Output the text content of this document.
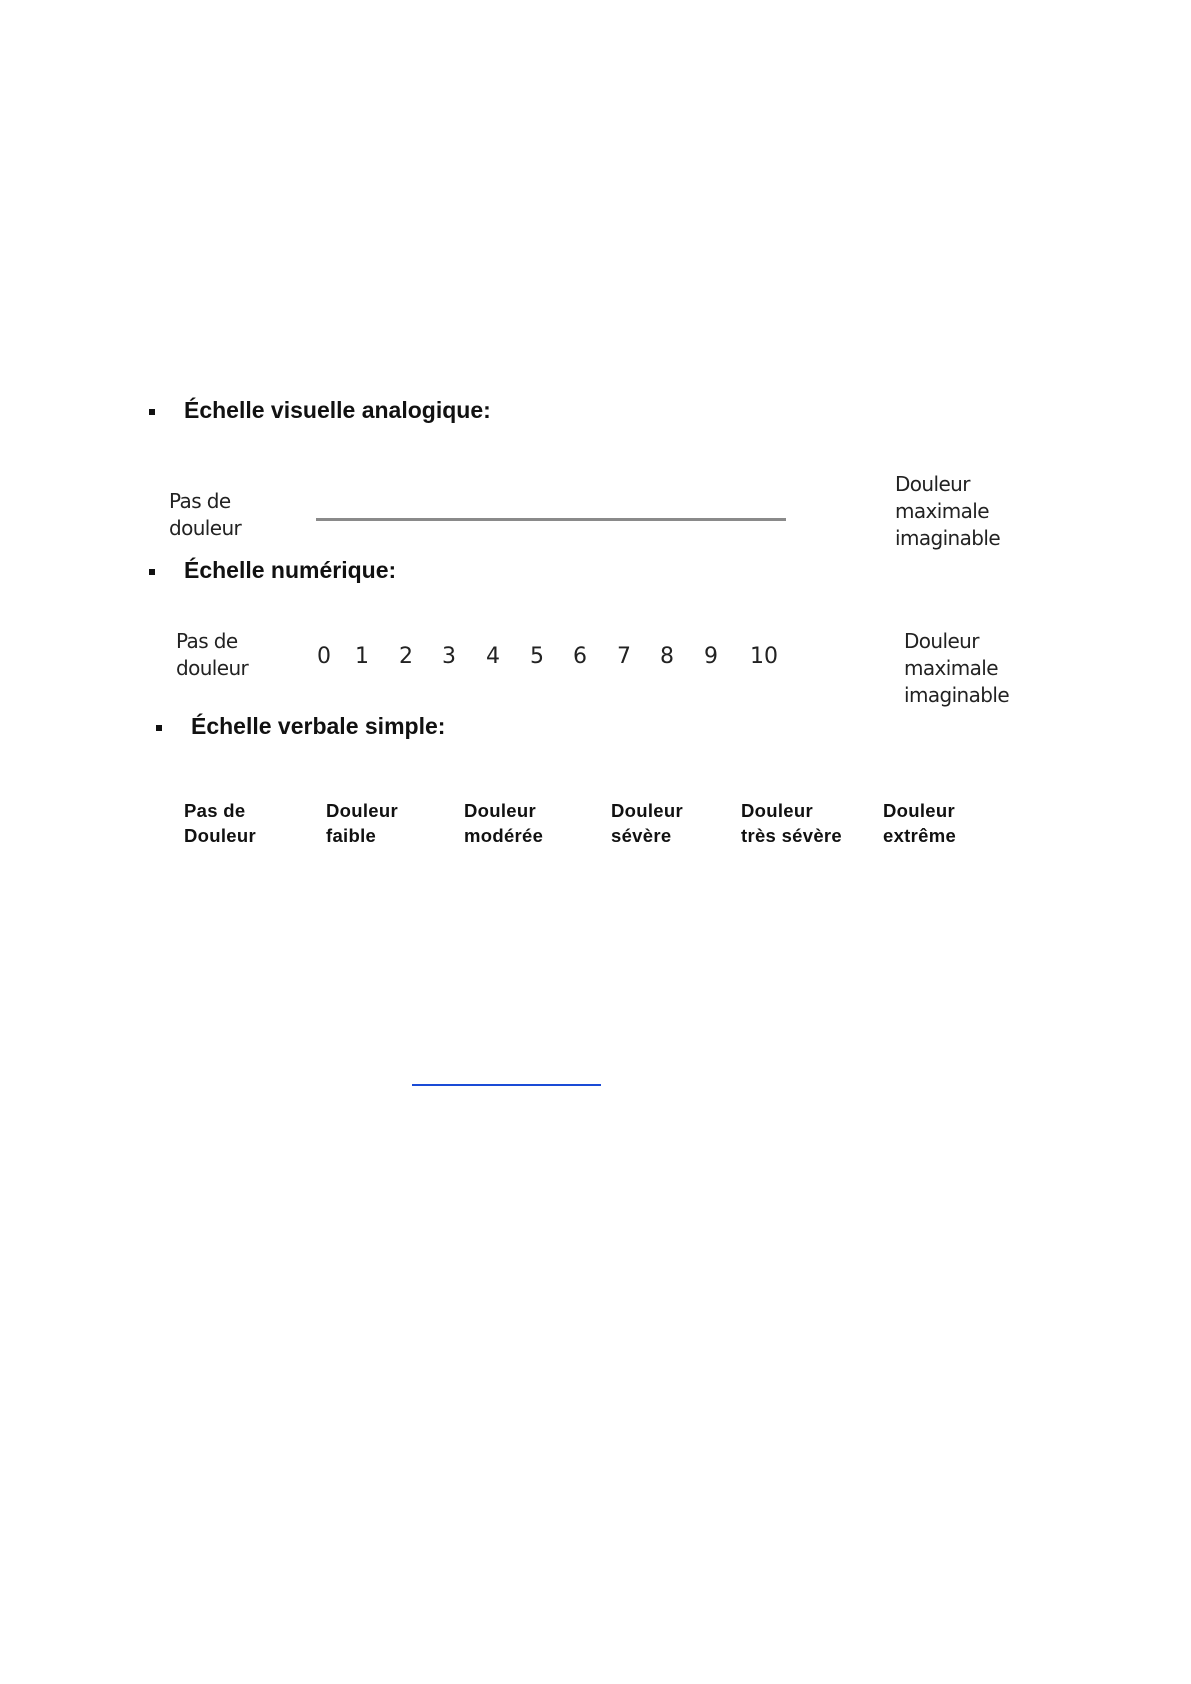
Échelle visuelle analogique:
Pas de
douleur
Douleur
maximale
imaginable
Échelle numérique:
Pas de
douleur	0 1 2 3 4 5 6 7 8 9 10
Douleur
maximale
imaginable
Échelle verbale simple:
Pas de
Douleur
Douleur
faible
Douleur
modérée
Douleur
sévère
Douleur
très sévère
Douleur
extrême
